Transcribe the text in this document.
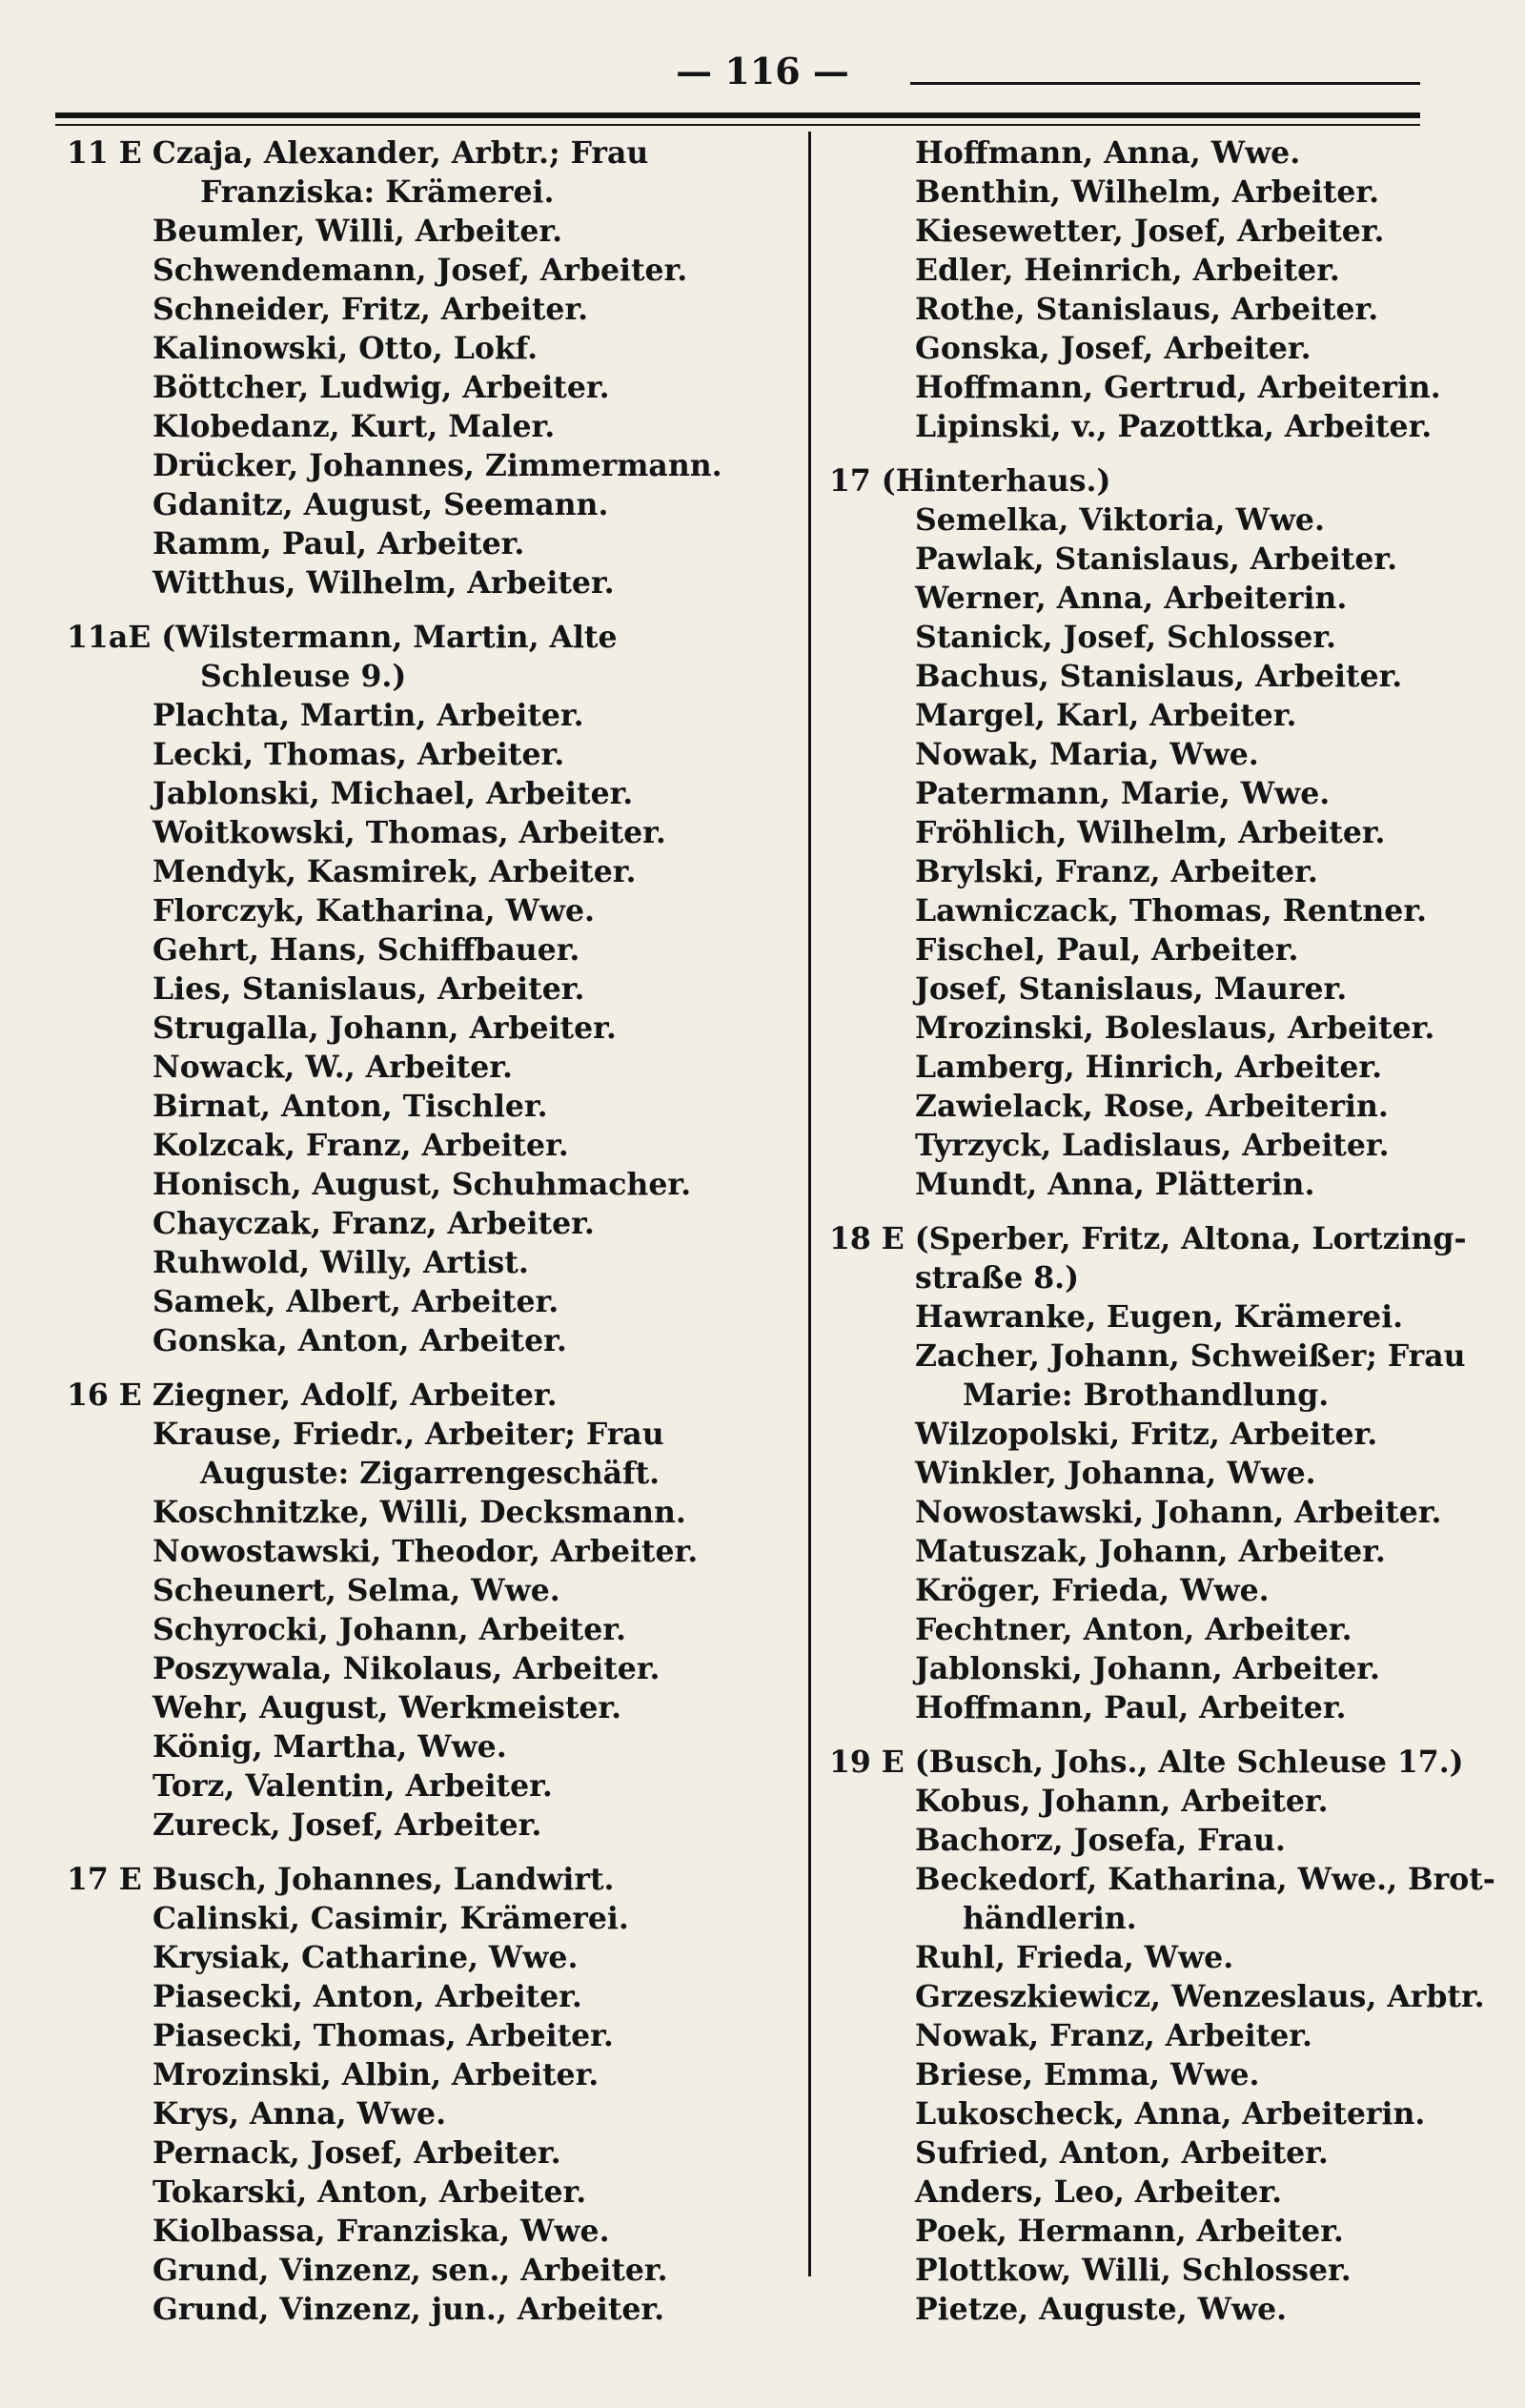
— 116 —
11 E Czaja, Alexander, Arbtr.; Frau
Franziska: Krämerei.
Beumler, Willi, Arbeiter.
Schwendemann, Josef, Arbeiter.
Schneider, Fritz, Arbeiter.
Kalinowski, Otto, Lokf.
Böttcher, Ludwig, Arbeiter.
Klobedanz, Kurt, Maler.
Drücker, Johannes, Zimmermann.
Gdanitz, August, Seemann.
Ramm, Paul, Arbeiter.
Witthus, Wilhelm, Arbeiter.
11aE (Wilstermann, Martin, Alte
Schleuse 9.)
Plachta, Martin, Arbeiter.
Lecki, Thomas, Arbeiter.
Jablonski, Michael, Arbeiter.
Woitkowski, Thomas, Arbeiter.
Mendyk, Kasmirek, Arbeiter.
Florczyk, Katharina, Wwe.
Gehrt, Hans, Schiffbauer.
Lies, Stanislaus, Arbeiter.
Strugalla, Johann, Arbeiter.
Nowack, W., Arbeiter.
Birnat, Anton, Tischler.
Kolzcak, Franz, Arbeiter.
Honisch, August, Schuhmacher.
Chayczak, Franz, Arbeiter.
Ruhwold, Willy, Artist.
Samek, Albert, Arbeiter.
Gonska, Anton, Arbeiter.
16 E Ziegner, Adolf, Arbeiter.
Krause, Friedr., Arbeiter; Frau
Auguste: Zigarrengeschäft.
Koschnitzke, Willi, Decksmann.
Nowostawski, Theodor, Arbeiter.
Scheunert, Selma, Wwe.
Schyrocki, Johann, Arbeiter.
Poszywala, Nikolaus, Arbeiter.
Wehr, August, Werkmeister.
König, Martha, Wwe.
Torz, Valentin, Arbeiter.
Zureck, Josef, Arbeiter.
17 E Busch, Johannes, Landwirt.
Calinski, Casimir, Krämerei.
Krysiak, Catharine, Wwe.
Piasecki, Anton, Arbeiter.
Piasecki, Thomas, Arbeiter.
Mrozinski, Albin, Arbeiter.
Krys, Anna, Wwe.
Pernack, Josef, Arbeiter.
Tokarski, Anton, Arbeiter.
Kiolbassa, Franziska, Wwe.
Grund, Vinzenz, sen., Arbeiter.
Grund, Vinzenz, jun., Arbeiter.
Hoffmann, Anna, Wwe.
Benthin, Wilhelm, Arbeiter.
Kiesewetter, Josef, Arbeiter.
Edler, Heinrich, Arbeiter.
Rothe, Stanislaus, Arbeiter.
Gonska, Josef, Arbeiter.
Hoffmann, Gertrud, Arbeiterin.
Lipinski, v., Pazottka, Arbeiter.
17 (Hinterhaus.)
Semelka, Viktoria, Wwe.
Pawlak, Stanislaus, Arbeiter.
Werner, Anna, Arbeiterin.
Stanick, Josef, Schlosser.
Bachus, Stanislaus, Arbeiter.
Margel, Karl, Arbeiter.
Nowak, Maria, Wwe.
Patermann, Marie, Wwe.
Fröhlich, Wilhelm, Arbeiter.
Brylski, Franz, Arbeiter.
Lawniczack, Thomas, Rentner.
Fischel, Paul, Arbeiter.
Josef, Stanislaus, Maurer.
Mrozinski, Boleslaus, Arbeiter.
Lamberg, Hinrich, Arbeiter.
Zawielack, Rose, Arbeiterin.
Tyrzyck, Ladislaus, Arbeiter.
Mundt, Anna, Plätterin.
18 E (Sperber, Fritz, Altona, Lortzing-
straße 8.)
Hawranke, Eugen, Krämerei.
Zacher, Johann, Schweißer; Frau
Marie: Brothandlung.
Wilzopolski, Fritz, Arbeiter.
Winkler, Johanna, Wwe.
Nowostawski, Johann, Arbeiter.
Matuszak, Johann, Arbeiter.
Kröger, Frieda, Wwe.
Fechtner, Anton, Arbeiter.
Jablonski, Johann, Arbeiter.
Hoffmann, Paul, Arbeiter.
19 E (Busch, Johs., Alte Schleuse 17.)
Kobus, Johann, Arbeiter.
Bachorz, Josefa, Frau.
Beckedorf, Katharina, Wwe., Brot-
händlerin.
Ruhl, Frieda, Wwe.
Grzeszkiewicz, Wenzeslaus, Arbtr.
Nowak, Franz, Arbeiter.
Briese, Emma, Wwe.
Lukoscheck, Anna, Arbeiterin.
Sufried, Anton, Arbeiter.
Anders, Leo, Arbeiter.
Poek, Hermann, Arbeiter.
Plottkow, Willi, Schlosser.
Pietze, Auguste, Wwe.
